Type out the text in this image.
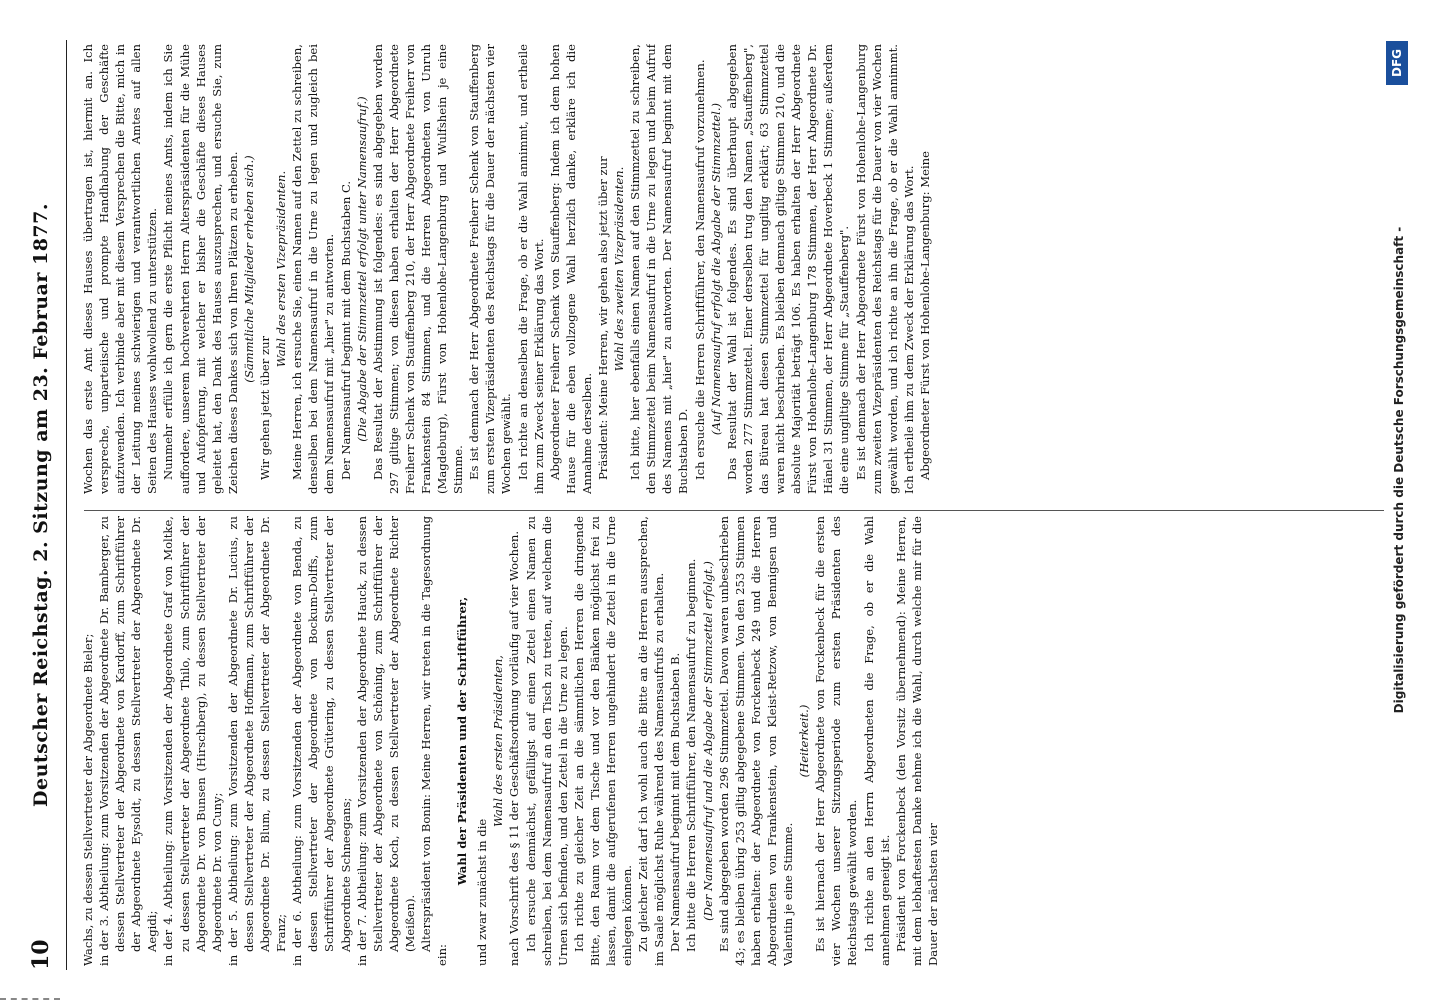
10
Deutscher Reichstag. 2. Sitzung am 23. Februar 1877.	Wachs, zu dessen Stellvertreter der Abgeordnete Bieler; in der 3. Abtheilung: zum Vorsitzenden der Abgeordnete Dr. Bamberger, zu dessen Stellvertreter der Abgeordnete von Kardorff, zum Schriftführer der Abgeordnete Eysoldt, zu dessen Stellvertreter der Abgeordnete Dr. Aegidi; in der 4. Abtheilung: zum Vorsitzenden der Abgeordnete Graf von Moltke, zu dessen Stellvertreter der Abgeordnete Thilo, zum Schriftführer der Abgeordnete Dr. von Bunsen (Hirschberg), zu dessen Stellvertreter der Abgeordnete Dr. von Cuny; in der 5. Abtheilung: zum Vorsitzenden der Abgeordnete Dr. Lucius, zu dessen Stellvertreter der Abgeordnete Hoffmann, zum Schriftführer der Abgeordnete Dr. Blum, zu dessen Stellvertreter der Abgeordnete Dr. Franz; in der 6. Abtheilung: zum Vorsitzenden der Abgeordnete von Benda, zu dessen Stellvertreter der Abgeordnete von Bockum-Dolffs, zum Schriftführer der Abgeordnete Grütering, zu dessen Stellvertreter der Abgeordnete Schneegans; in der 7. Abtheilung: zum Vorsitzenden der Abgeordnete Hauck, zu dessen Stellvertreter der Abgeordnete von Schöning, zum Schriftführer der Abgeordnete Koch, zu dessen Stellvertreter der Abgeordnete Richter (Meißen). Alterspräsident von Bonin: Meine Herren, wir treten in die Tagesordnung ein:

Wahl der Präsidenten und der Schriftführer,

und zwar zunächst in die

Wahl des ersten Präsidenten, nach Vorschrift des § 11 der Geschäftsordnung vorläufig auf vier Wochen. Ich ersuche demnächst, gefälligst auf einen Zettel einen Namen zu schreiben, bei dem Namensaufruf an den Tisch zu treten, auf welchem die Urnen sich befinden, und den Zettel in die Urne zu legen. Ich richte zu gleicher Zeit an die sämmtlichen Herren die dringende Bitte, den Raum vor dem Tische und vor den Bänken möglichst frei zu lassen, damit die aufgerufenen Herren ungehindert die Zettel in die Urne einlegen können. Zu gleicher Zeit darf ich wohl auch die Bitte an die Herren aussprechen, im Saale möglichst Ruhe während des Namensaufrufs zu erhalten. Der Namensaufruf beginnt mit dem Buchstaben B. Ich bitte die Herren Schriftführer, den Namensaufruf zu beginnen. (Der Namensaufruf und die Abgabe der Stimmzettel erfolgt.) Es sind abgegeben worden 296 Stimmzettel. Davon waren unbeschrieben 43; es bleiben übrig 253 giltig abgegebene Stimmen. Von den 253 Stimmen haben erhalten: der Abgeordnete von Forckenbeck 249 und die Herren Abgeordneten von Frankenstein, von Kleist-Retzow, von Bennigsen und Valentin je eine Stimme.

(Heiterkeit.) Es ist hiernach der Herr Abgeordnete von Forckenbeck für die ersten vier Wochen unserer Sitzungsperiode zum ersten Präsidenten des Reichstags gewählt worden. Ich richte an den Herrn Abgeordneten die Frage, ob er die Wahl annehmen geneigt ist. Präsident von Forckenbeck (den Vorsitz übernehmend): Meine Herren, mit dem lebhaftesten Danke nehme ich die Wahl, durch welche mir für die Dauer der nächsten vier

Wochen das erste Amt dieses Hauses übertragen ist, hiermit an. Ich verspreche, unparteiische und prompte Handhabung der Geschäfte aufzuwenden. Ich verbinde aber mit diesem Versprechen die Bitte, mich in der Leitung meines schwierigen und verantwortlichen Amtes auf allen Seiten des Hauses wohlwollend zu unterstützen. Nunmehr erfülle ich gern die erste Pflicht meines Amts, indem ich Sie auffordere, unserem hochverehrten Herrn Alterspräsidenten für die Mühe und Aufopferung, mit welcher er bisher die Geschäfte dieses Hauses geleitet hat, den Dank des Hauses auszusprechen, und ersuche Sie, zum Zeichen dieses Dankes sich von Ihren Plätzen zu erheben. (Sämmtliche Mitglieder erheben sich.)

Wir gehen jetzt über zur

Wahl des ersten Vizepräsidenten. Meine Herren, ich ersuche Sie, einen Namen auf den Zettel zu schreiben, denselben bei dem Namensaufruf in die Urne zu legen und zugleich bei dem Namensaufruf mit „hier" zu antworten. Der Namensaufruf beginnt mit dem Buchstaben C. (Die Abgabe der Stimmzettel erfolgt unter Namensaufruf.) Das Resultat der Abstimmung ist folgendes: es sind abgegeben worden 297 giltige Stimmen; von diesen haben erhalten der Herr Abgeordnete Freiherr Schenk von Stauffenberg 210, der Herr Abgeordnete Freiherr von Frankenstein 84 Stimmen, und die Herren Abgeordneten von Unruh (Magdeburg), Fürst von Hohenlohe-Langenburg und Wulfshein je eine Stimme. Es ist demnach der Herr Abgeordnete Freiherr Schenk von Stauffenberg zum ersten Vizepräsidenten des Reichstags für die Dauer der nächsten vier Wochen gewählt. Ich richte an denselben die Frage, ob er die Wahl annimmt, und ertheile ihm zum Zweck seiner Erklärung das Wort. Abgeordneter Freiherr Schenk von Stauffenberg: Indem ich dem hohen Hause für die eben vollzogene Wahl herzlich danke, erkläre ich die Annahme derselben. Präsident: Meine Herren, wir gehen also jetzt über zur Wahl des zweiten Vizepräsidenten. Ich bitte, hier ebenfalls einen Namen auf den Stimmzettel zu schreiben, den Stimmzettel beim Namensaufruf in die Urne zu legen und beim Aufruf des Namens mit „hier" zu antworten. Der Namensaufruf beginnt mit dem Buchstaben D. Ich ersuche die Herren Schriftführer, den Namensaufruf vorzunehmen. (Auf Namensaufruf erfolgt die Abgabe der Stimmzettel.) Das Resultat der Wahl ist folgendes. Es sind überhaupt abgegeben worden 277 Stimmzettel. Einer derselben trug den Namen „Stauffenberg", das Büreau hat diesen Stimmzettel für ungiltig erklärt; 63 Stimmzettel waren nicht beschrieben. Es bleiben demnach giltige Stimmen 210, und die absolute Majorität beträgt 106. Es haben erhalten der Herr Abgeordnete Fürst von Hohenlohe-Langenburg 178 Stimmen, der Herr Abgeordnete Dr. Hänel 31 Stimmen, der Herr Abgeordnete Hoverbeck 1 Stimme; außerdem die eine ungiltige Stimme für „Stauffenberg". Es ist demnach der Herr Abgeordnete Fürst von Hohenlohe-Langenburg zum zweiten Vizepräsidenten des Reichstags für die Dauer von vier Wochen gewählt worden, und ich richte an ihn die Frage, ob er die Wahl annimmt. Ich ertheile ihm zu dem Zweck der Erklärung das Wort. Abgeordneter Fürst von Hohenlohe-Langenburg: Meine	Digitalisierung gefördert durch die Deutsche Forschungsgemeinschaft -
DFG
